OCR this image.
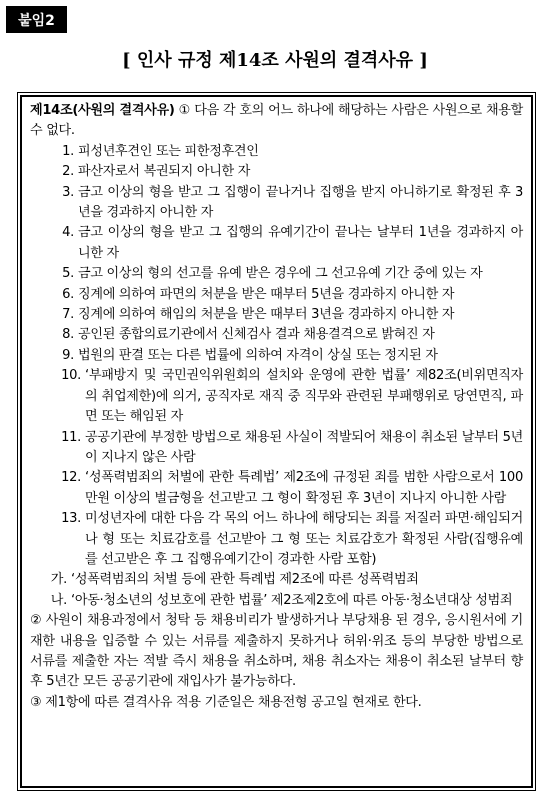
붙임2
[ 인사 규정 제14조 사원의 결격사유 ]

제14조(사원의 결격사유) ① 다음 각 호의 어느 하나에 해당하는 사람은 사원으로 채용할 수 없다.

1. 피성년후견인 또는 피한정후견인
2. 파산자로서 복권되지 아니한 자
3. 금고 이상의 형을 받고 그 집행이 끝나거나 집행을 받지 아니하기로 확정된 후 3년을 경과하지 아니한 자
4. 금고 이상의 형을 받고 그 집행의 유예기간이 끝나는 날부터 1년을 경과하지 아니한 자
5. 금고 이상의 형의 선고를 유예 받은 경우에 그 선고유예 기간 중에 있는 자
6. 징계에 의하여 파면의 처분을 받은 때부터 5년을 경과하지 아니한 자
7. 징계에 의하여 해임의 처분을 받은 때부터 3년을 경과하지 아니한 자
8. 공인된 종합의료기관에서 신체검사 결과 채용결격으로 밝혀진 자
9. 법원의 판결 또는 다른 법률에 의하여 자격이 상실 또는 정지된 자
10. ‘부패방지 및 국민권익위원회의 설치와 운영에 관한 법률’ 제82조(비위면직자의 취업제한)에 의거, 공직자로 재직 중 직무와 관련된 부패행위로 당연면직, 파면 또는 해임된 자
11. 공공기관에 부정한 방법으로 채용된 사실이 적발되어 채용이 취소된 날부터 5년이 지나지 않은 사람
12. ‘성폭력범죄의 처벌에 관한 특례법’ 제2조에 규정된 죄를 범한 사람으로서 100만원 이상의 벌금형을 선고받고 그 형이 확정된 후 3년이 지나지 아니한 사람
13. 미성년자에 대한 다음 각 목의 어느 하나에 해당되는 죄를 저질러 파면·해임되거나 형 또는 치료감호를 선고받아 그 형 또는 치료감호가 확정된 사람(집행유예를 선고받은 후 그 집행유예기간이 경과한 사람 포함)
가. ‘성폭력범죄의 처벌 등에 관한 특례법 제2조에 따른 성폭력범죄
나. ‘아동·청소년의 성보호에 관한 법률’ 제2조제2호에 따른 아동·청소년대상 성범죄

② 사원이 채용과정에서 청탁 등 채용비리가 발생하거나 부당채용 된 경우, 응시원서에 기재한 내용을 입증할 수 있는 서류를 제출하지 못하거나 허위·위조 등의 부당한 방법으로 서류를 제출한 자는 적발 즉시 채용을 취소하며, 채용 취소자는 채용이 취소된 날부터 향후 5년간 모든 공공기관에 재입사가 불가능하다.

③ 제1항에 따른 결격사유 적용 기준일은 채용전형 공고일 현재로 한다.
